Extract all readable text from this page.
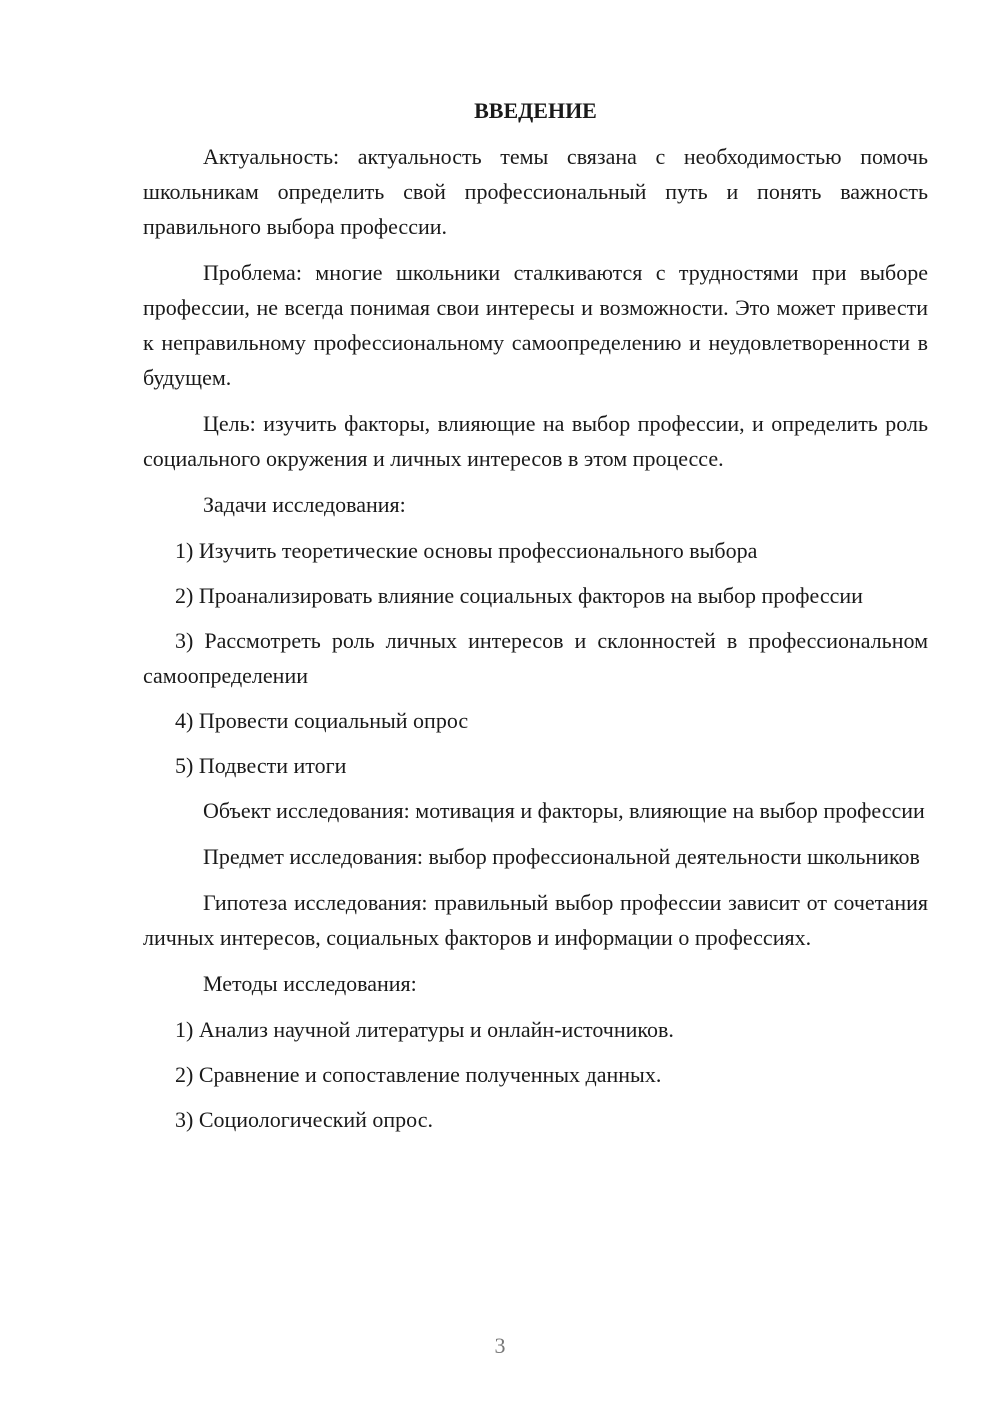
ВВЕДЕНИЕ

Актуальность: актуальность темы связана с необходимостью помочь школьникам определить свой профессиональный путь и понять важность правильного выбора профессии.

Проблема: многие школьники сталкиваются с трудностями при выборе профессии, не всегда понимая свои интересы и возможности. Это может привести к неправильному профессиональному самоопределению и неудовлетворенности в будущем.

Цель: изучить факторы, влияющие на выбор профессии, и определить роль социального окружения и личных интересов в этом процессе.

Задачи исследования:

1) Изучить теоретические основы профессионального выбора

2) Проанализировать влияние социальных факторов на выбор профессии

3) Рассмотреть роль личных интересов и склонностей в профессиональном самоопределении

4) Провести социальный опрос

5) Подвести итоги

Объект исследования: мотивация и факторы, влияющие на выбор профессии

Предмет исследования: выбор профессиональной деятельности школьников

Гипотеза исследования: правильный выбор профессии зависит от сочетания личных интересов, социальных факторов и информации о профессиях.

Методы исследования:

1) Анализ научной литературы и онлайн-источников.

2) Сравнение и сопоставление полученных данных.

3) Социологический опрос.

3
